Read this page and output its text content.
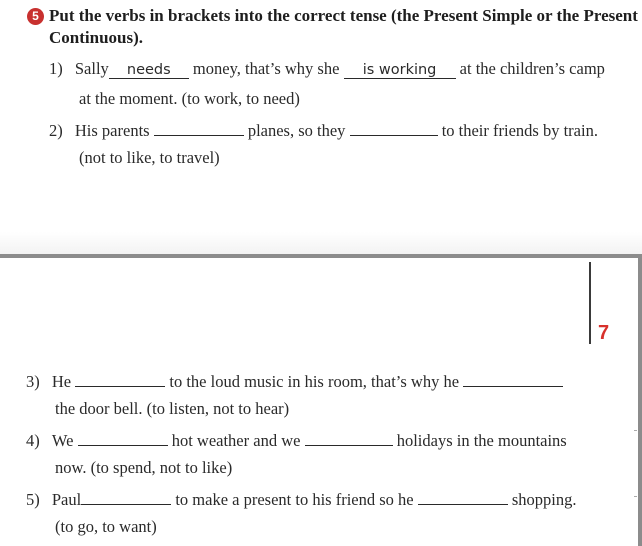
5 Put the verbs in brackets into the correct tense (the Present Simple or the Present
Continuous).
1) Sally needs money, that’s why she is working at the children’s camp
at the moment. (to work, to need)
2) His parents	planes, so they	to their friends by train.
(not to like, to travel)
7
3) He	to the loud music in his room, that’s why he
the door bell. (to listen, not to hear)
4) We	hot weather and we	holidays in the mountains
now. (to spend, not to like)
5) Paul	to make a present to his friend so he	shopping.
(to go, to want)
